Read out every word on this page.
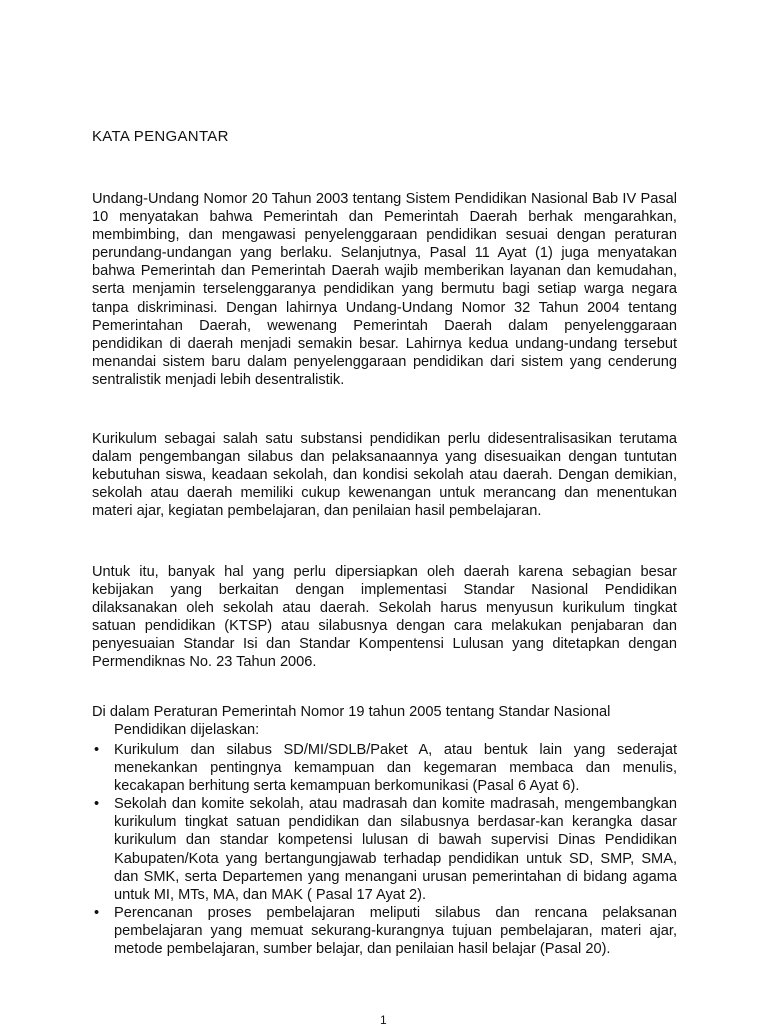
KATA PENGANTAR

Undang-Undang Nomor 20 Tahun 2003 tentang Sistem Pendidikan Nasional Bab IV Pasal 10 menyatakan bahwa Pemerintah dan Pemerintah Daerah berhak mengarahkan, membimbing, dan mengawasi penyelenggaraan pendidikan sesuai dengan peraturan perundang-undangan yang berlaku. Selanjutnya, Pasal 11 Ayat (1) juga menyatakan bahwa Pemerintah dan Pemerintah Daerah wajib memberikan layanan dan kemudahan, serta menjamin terselenggaranya pendidikan yang bermutu bagi setiap warga negara tanpa diskriminasi. Dengan lahirnya Undang-Undang Nomor 32 Tahun 2004 tentang Pemerintahan Daerah, wewenang Pemerintah Daerah dalam penyelenggaraan pendidikan di daerah menjadi semakin besar. Lahirnya kedua undang-undang tersebut menandai sistem baru dalam penyelenggaraan pendidikan dari sistem yang cenderung sentralistik menjadi lebih desentralistik.

Kurikulum sebagai salah satu substansi pendidikan perlu didesentralisasikan terutama dalam pengembangan silabus dan pelaksanaannya yang disesuaikan dengan tuntutan kebutuhan siswa, keadaan sekolah, dan kondisi sekolah atau daerah. Dengan demikian, sekolah atau daerah memiliki cukup kewenangan untuk merancang dan menentukan materi ajar, kegiatan pembelajaran, dan penilaian hasil pembelajaran.

Untuk itu, banyak hal yang perlu dipersiapkan oleh daerah karena sebagian besar kebijakan yang berkaitan dengan implementasi Standar Nasional Pendidikan dilaksanakan oleh sekolah atau daerah. Sekolah harus menyusun kurikulum tingkat satuan pendidikan (KTSP) atau silabusnya dengan cara melakukan penjabaran dan penyesuaian Standar Isi dan Standar Kompentensi Lulusan yang ditetapkan dengan Permendiknas No. 23 Tahun 2006.

Di dalam Peraturan Pemerintah Nomor 19 tahun 2005 tentang Standar Nasional
Pendidikan dijelaskan:

• Kurikulum dan silabus SD/MI/SDLB/Paket A, atau bentuk lain yang sederajat menekankan pentingnya kemampuan dan kegemaran membaca dan menulis, kecakapan berhitung serta kemampuan berkomunikasi (Pasal 6 Ayat 6).
• Sekolah dan komite sekolah, atau madrasah dan komite madrasah, mengembangkan kurikulum tingkat satuan pendidikan dan silabusnya berdasar-kan kerangka dasar kurikulum dan standar kompetensi lulusan di bawah supervisi Dinas Pendidikan Kabupaten/Kota yang bertangungjawab terhadap pendidikan untuk SD, SMP, SMA, dan SMK, serta Departemen yang menangani urusan pemerintahan di bidang agama untuk MI, MTs, MA, dan MAK ( Pasal 17 Ayat 2).
• Perencanan proses pembelajaran meliputi silabus dan rencana pelaksanan pembelajaran yang memuat sekurang-kurangnya tujuan pembelajaran, materi ajar, metode pembelajaran, sumber belajar, dan penilaian hasil belajar (Pasal 20).
1
